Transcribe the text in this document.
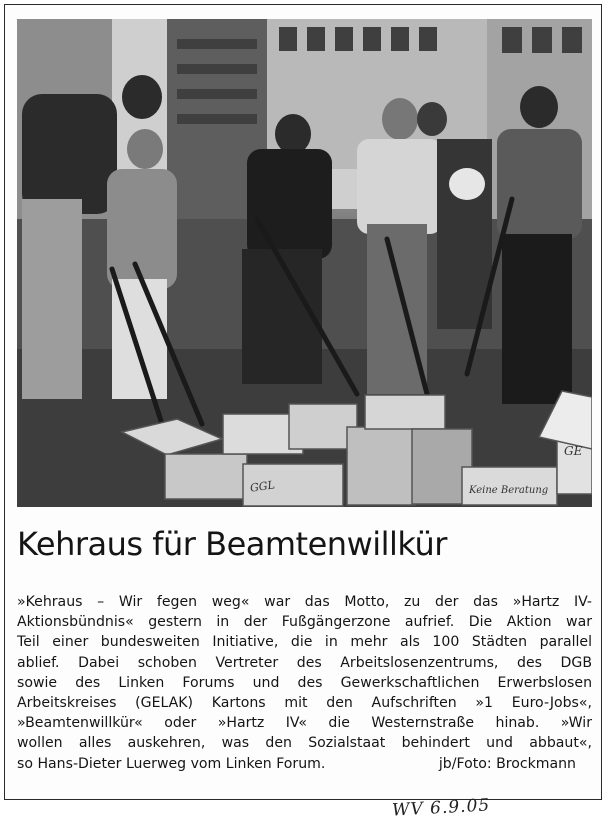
GGL	Keine Beratung
GE
Kehraus für Beamtenwillkür
»Kehraus – Wir fegen weg« war das Motto, zu der das »Hartz IV-
Aktionsbündnis« gestern in der Fußgängerzone aufrief. Die Aktion war
Teil einer bundesweiten Initiative, die in mehr als 100 Städten parallel
ablief. Dabei schoben Vertreter des Arbeitslosenzentrums, des DGB
sowie des Linken Forums und des Gewerkschaftlichen Erwerbslosen
Arbeitskreises (GELAK) Kartons mit den Aufschriften »1 Euro-Jobs«,
»Beamtenwillkür« oder »Hartz IV« die Westernstraße hinab. »Wir
wollen alles auskehren, was den Sozialstaat behindert und abbaut«,
so Hans-Dieter Luerweg vom Linken Forum.	jb/Foto: Brockmann
WV 6.9.05
